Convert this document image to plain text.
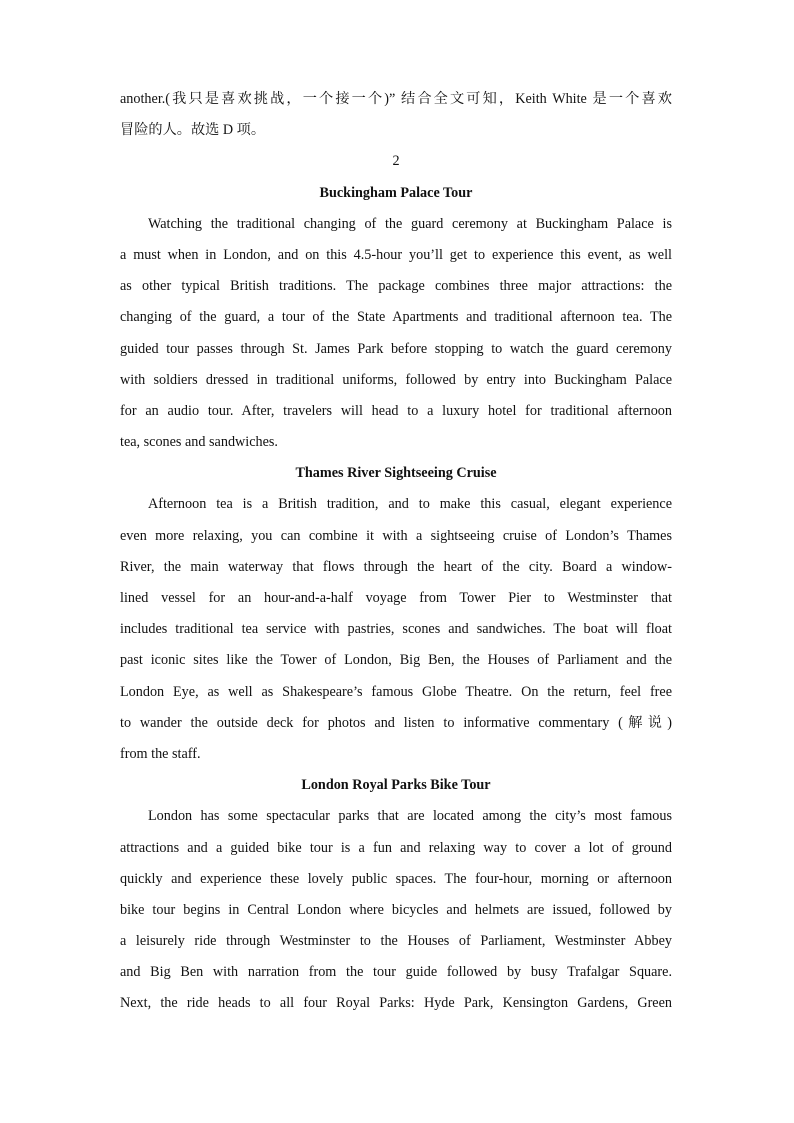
another.(我只是喜欢挑战，一个接一个)” 结合全文可知，Keith White 是一个喜欢
冒险的人。故选 D 项。
2
Buckingham Palace Tour
Watching the traditional changing of the guard ceremony at Buckingham Palace is
a must when in London, and on this 4.5-hour you’ll get to experience this event, as well
as other typical British traditions. The package combines three major attractions: the
changing of the guard, a tour of the State Apartments and traditional afternoon tea. The
guided tour passes through St. James Park before stopping to watch the guard ceremony
with soldiers dressed in traditional uniforms, followed by entry into Buckingham Palace
for an audio tour. After, travelers will head to a luxury hotel for traditional afternoon
tea, scones and sandwiches.
Thames River Sightseeing Cruise
Afternoon tea is a British tradition, and to make this casual, elegant experience
even more relaxing, you can combine it with a sightseeing cruise of London’s Thames
River, the main waterway that flows through the heart of the city. Board a window-
lined vessel for an hour-and-a-half voyage from Tower Pier to Westminster that
includes traditional tea service with pastries, scones and sandwiches. The boat will float
past iconic sites like the Tower of London, Big Ben, the Houses of Parliament and the
London Eye, as well as Shakespeare’s famous Globe Theatre. On the return, feel free
to wander the outside deck for photos and listen to informative commentary (解说)
from the staff.
London Royal Parks Bike Tour
London has some spectacular parks that are located among the city’s most famous
attractions and a guided bike tour is a fun and relaxing way to cover a lot of ground
quickly and experience these lovely public spaces. The four-hour, morning or afternoon
bike tour begins in Central London where bicycles and helmets are issued, followed by
a leisurely ride through Westminster to the Houses of Parliament, Westminster Abbey
and Big Ben with narration from the tour guide followed by busy Trafalgar Square.
Next, the ride heads to all four Royal Parks: Hyde Park, Kensington Gardens, Green
